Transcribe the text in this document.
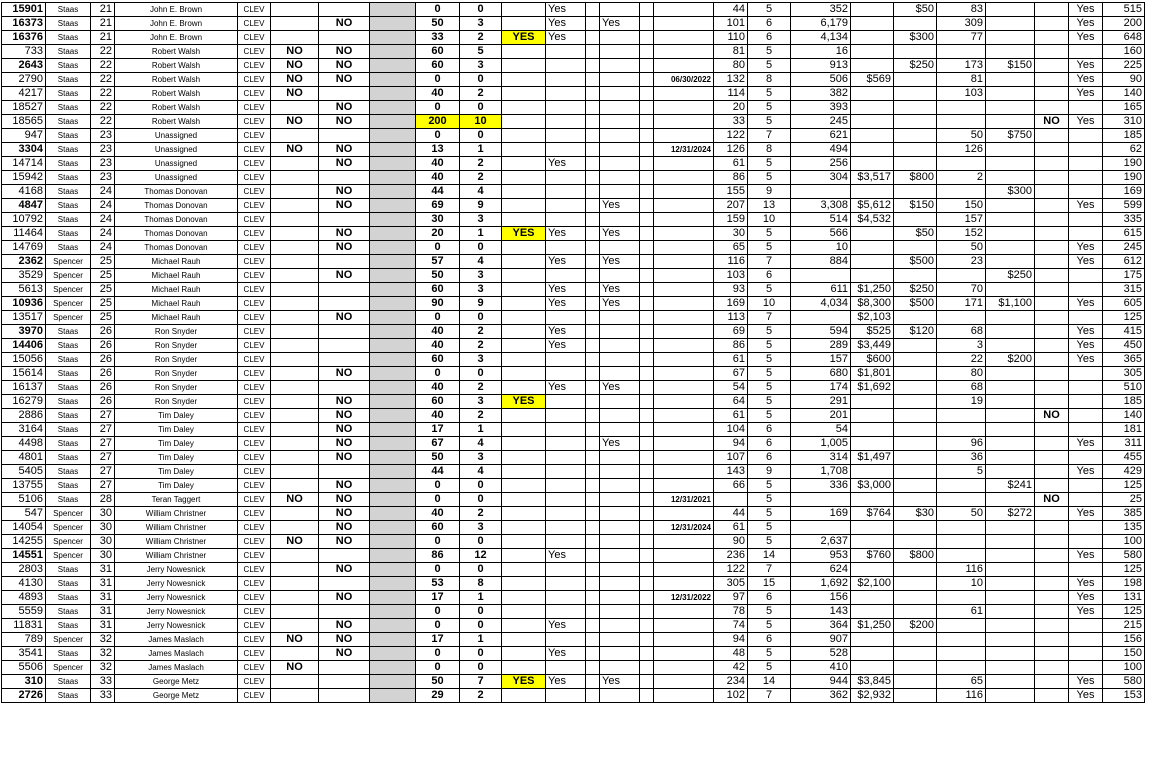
15901	Staas	21	John E. Brown	CLEV				0	0		Yes					44	5	352		$50	83			Yes	515
16373	Staas	21	John E. Brown	CLEV		NO		50	3		Yes		Yes			101	6	6,179			309			Yes	200
16376	Staas	21	John E. Brown	CLEV				33	2	YES	Yes					110	6	4,134		$300	77			Yes	648
733	Staas	22	Robert Walsh	CLEV	NO	NO		60	5							81	5	16							160
2643	Staas	22	Robert Walsh	CLEV	NO	NO		60	3							80	5	913		$250	173	$150		Yes	225
2790	Staas	22	Robert Walsh	CLEV	NO	NO		0	0						06/30/2022	132	8	506	$569		81			Yes	90
4217	Staas	22	Robert Walsh	CLEV	NO			40	2							114	5	382			103			Yes	140
18527	Staas	22	Robert Walsh	CLEV		NO		0	0							20	5	393							165
18565	Staas	22	Robert Walsh	CLEV	NO	NO		200	10							33	5	245					NO	Yes	310
947	Staas	23	Unassigned	CLEV				0	0							122	7	621			50	$750			185
3304	Staas	23	Unassigned	CLEV	NO	NO		13	1						12/31/2024	126	8	494			126				62
14714	Staas	23	Unassigned	CLEV		NO		40	2		Yes					61	5	256							190
15942	Staas	23	Unassigned	CLEV				40	2							86	5	304	$3,517	$800	2				190
4168	Staas	24	Thomas Donovan	CLEV		NO		44	4							155	9					$300			169
4847	Staas	24	Thomas Donovan	CLEV		NO		69	9				Yes			207	13	3,308	$5,612	$150	150			Yes	599
10792	Staas	24	Thomas Donovan	CLEV				30	3							159	10	514	$4,532		157				335
11464	Staas	24	Thomas Donovan	CLEV		NO		20	1	YES	Yes		Yes			30	5	566		$50	152				615
14769	Staas	24	Thomas Donovan	CLEV		NO		0	0							65	5	10			50			Yes	245
2362	Spencer	25	Michael Rauh	CLEV				57	4		Yes		Yes			116	7	884		$500	23			Yes	612
3529	Spencer	25	Michael Rauh	CLEV		NO		50	3							103	6					$250			175
5613	Spencer	25	Michael Rauh	CLEV				60	3		Yes		Yes			93	5	611	$1,250	$250	70				315
10936	Spencer	25	Michael Rauh	CLEV				90	9		Yes		Yes			169	10	4,034	$8,300	$500	171	$1,100		Yes	605
13517	Spencer	25	Michael Rauh	CLEV		NO		0	0							113	7		$2,103						125
3970	Staas	26	Ron Snyder	CLEV				40	2		Yes					69	5	594	$525	$120	68			Yes	415
14406	Staas	26	Ron Snyder	CLEV				40	2		Yes					86	5	289	$3,449		3			Yes	450
15056	Staas	26	Ron Snyder	CLEV				60	3							61	5	157	$600		22	$200		Yes	365
15614	Staas	26	Ron Snyder	CLEV		NO		0	0							67	5	680	$1,801		80				305
16137	Staas	26	Ron Snyder	CLEV				40	2		Yes		Yes			54	5	174	$1,692		68				510
16279	Staas	26	Ron Snyder	CLEV		NO		60	3	YES						64	5	291			19				185
2886	Staas	27	Tim Daley	CLEV		NO		40	2							61	5	201					NO		140
3164	Staas	27	Tim Daley	CLEV		NO		17	1							104	6	54							181
4498	Staas	27	Tim Daley	CLEV		NO		67	4				Yes			94	6	1,005			96			Yes	311
4801	Staas	27	Tim Daley	CLEV		NO		50	3							107	6	314	$1,497		36				455
5405	Staas	27	Tim Daley	CLEV				44	4							143	9	1,708			5			Yes	429
13755	Staas	27	Tim Daley	CLEV		NO		0	0							66	5	336	$3,000			$241			125
5106	Staas	28	Teran Taggert	CLEV	NO	NO		0	0						12/31/2021		5						NO		25
547	Spencer	30	William Christner	CLEV		NO		40	2							44	5	169	$764	$30	50	$272		Yes	385
14054	Spencer	30	William Christner	CLEV		NO		60	3						12/31/2024	61	5								135
14255	Spencer	30	William Christner	CLEV	NO	NO		0	0							90	5	2,637							100
14551	Spencer	30	William Christner	CLEV				86	12		Yes					236	14	953	$760	$800				Yes	580
2803	Staas	31	Jerry Nowesnick	CLEV		NO		0	0							122	7	624			116				125
4130	Staas	31	Jerry Nowesnick	CLEV				53	8							305	15	1,692	$2,100		10			Yes	198
4893	Staas	31	Jerry Nowesnick	CLEV		NO		17	1						12/31/2022	97	6	156						Yes	131
5559	Staas	31	Jerry Nowesnick	CLEV				0	0							78	5	143			61			Yes	125
11831	Staas	31	Jerry Nowesnick	CLEV		NO		0	0		Yes					74	5	364	$1,250	$200					215
789	Spencer	32	James Maslach	CLEV	NO	NO		17	1							94	6	907							156
3541	Staas	32	James Maslach	CLEV		NO		0	0		Yes					48	5	528							150
5506	Spencer	32	James Maslach	CLEV	NO			0	0							42	5	410							100
310	Staas	33	George Metz	CLEV				50	7	YES	Yes		Yes			234	14	944	$3,845		65			Yes	580
2726	Staas	33	George Metz	CLEV				29	2							102	7	362	$2,932		116			Yes	153
